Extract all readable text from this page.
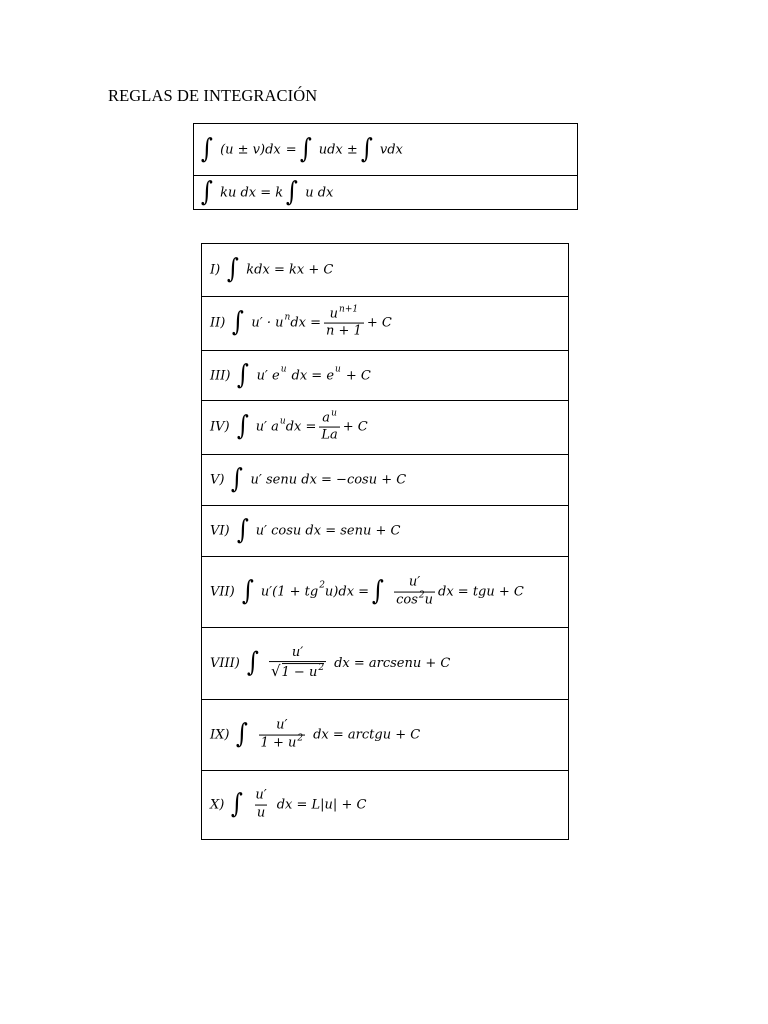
REGLAS DE INTEGRACIÓN
∫ (u ± v)dx = ∫ udx ± ∫ vdx
∫ ku dx = k ∫ u dx
I) ∫ kdx = kx + C
II) ∫ u′ · u n dx = $\frac{u^{n+1}}{n + 1} + C$
III) ∫ u′ e u dx = e u + C
IV) ∫ u′ a u dx = $\frac{a^u}{La} + C$
V) ∫ u′ senu dx = −cosu + C
VI) ∫ u′ cosu dx = senu + C
VII) ∫ u′(1 + tg 2 u)dx = ∫ $\frac{u'}{\cos^2u}$ dx = tgu + C
VIII) ∫ $\frac{u'}{√1 - u^2}$ dx = arcsenu + C
IX) ∫ $\frac{u'}{1 + u^2}$ dx = arctgu + C
X) ∫ $\frac{u'}{u}$ dx = L|u| + C
